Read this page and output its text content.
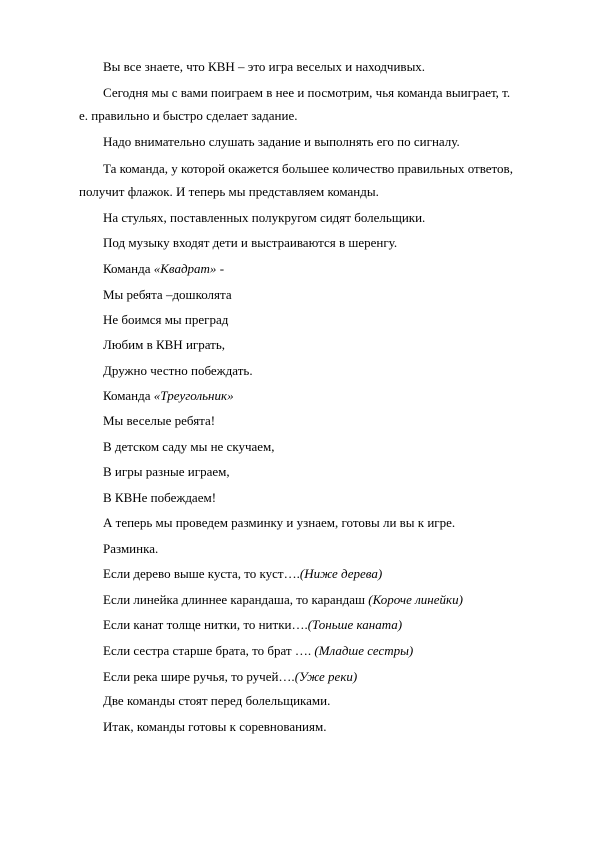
Вы все знаете, что КВН – это игра веселых и находчивых.
Сегодня мы с вами поиграем в нее и посмотрим, чья команда выиграет, т.
е. правильно и быстро сделает задание.
Надо внимательно слушать задание и выполнять его по сигналу.
Та команда, у которой окажется большее количество правильных ответов,
получит флажок. И теперь мы представляем команды.
На стульях, поставленных полукругом сидят болельщики.
Под музыку входят дети и выстраиваются в шеренгу.
Команда «Квадрат» -
Мы ребята –дошколята
Не боимся мы преград
Любим в КВН играть,
Дружно честно побеждать.
Команда «Треугольник»
Мы веселые ребята!
В детском саду мы не скучаем,
В игры разные играем,
В КВНе побеждаем!
А теперь мы проведем разминку и узнаем, готовы ли вы к игре.
Разминка.
Если дерево выше куста, то куст….(Ниже дерева)
Если линейка длиннее карандаша, то карандаш (Короче линейки)
Если канат толще нитки, то нитки….(Тоньше каната)
Если сестра старше брата, то брат …. (Младше сестры)
Если река шире ручья, то ручей….(Уже реки)
Две команды стоят перед болельщиками.
Итак, команды готовы к соревнованиям.
